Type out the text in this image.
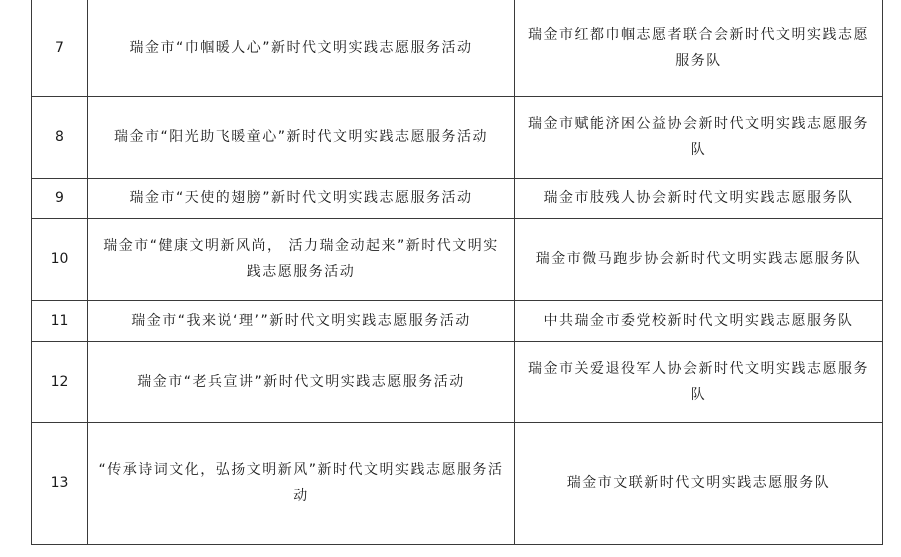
7	瑞金市“巾帼暖人心”新时代文明实践志愿服务活动	瑞金市红都巾帼志愿者联合会新时代文明实践志愿服务队
8	瑞金市“阳光助飞暖童心”新时代文明实践志愿服务活动	瑞金市赋能济困公益协会新时代文明实践志愿服务队
9	瑞金市“天使的翅膀”新时代文明实践志愿服务活动	瑞金市肢残人协会新时代文明实践志愿服务队
10	瑞金市“健康文明新风尚， 活力瑞金动起来”新时代文明实践志愿服务活动	瑞金市微马跑步协会新时代文明实践志愿服务队
11	瑞金市“我来说‘理’”新时代文明实践志愿服务活动	中共瑞金市委党校新时代文明实践志愿服务队
12	瑞金市“老兵宣讲”新时代文明实践志愿服务活动	瑞金市关爱退役军人协会新时代文明实践志愿服务队
13	“传承诗词文化，弘扬文明新风”新时代文明实践志愿服务活动	瑞金市文联新时代文明实践志愿服务队
